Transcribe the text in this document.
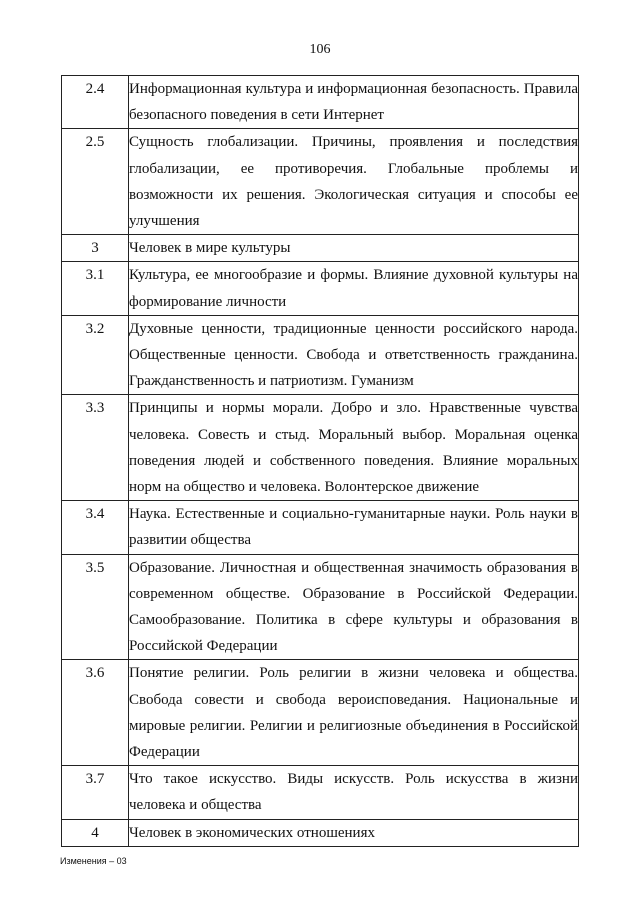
106
2.4	Информационная культура и информационная безопасность. Правила безопасного поведения в сети Интернет
2.5	Сущность глобализации. Причины, проявления и последствия глобализации, ее противоречия. Глобальные проблемы и возможности их решения. Экологическая ситуация и способы ее улучшения
3	Человек в мире культуры
3.1	Культура, ее многообразие и формы. Влияние духовной культуры на формирование личности
3.2	Духовные ценности, традиционные ценности российского народа. Общественные ценности. Свобода и ответственность гражданина. Гражданственность и патриотизм. Гуманизм
3.3	Принципы и нормы морали. Добро и зло. Нравственные чувства человека. Совесть и стыд. Моральный выбор. Моральная оценка поведения людей и собственного поведения. Влияние моральных норм на общество и человека. Волонтерское движение
3.4	Наука. Естественные и социально-гуманитарные науки. Роль науки в развитии общества
3.5	Образование. Личностная и общественная значимость образования в современном обществе. Образование в Российской Федерации. Самообразование. Политика в сфере культуры и образования в Российской Федерации
3.6	Понятие религии. Роль религии в жизни человека и общества. Свобода совести и свобода вероисповедания. Национальные и мировые религии. Религии и религиозные объединения в Российской Федерации
3.7	Что такое искусство. Виды искусств. Роль искусства в жизни человека и общества
4	Человек в экономических отношениях
Изменения – 03
